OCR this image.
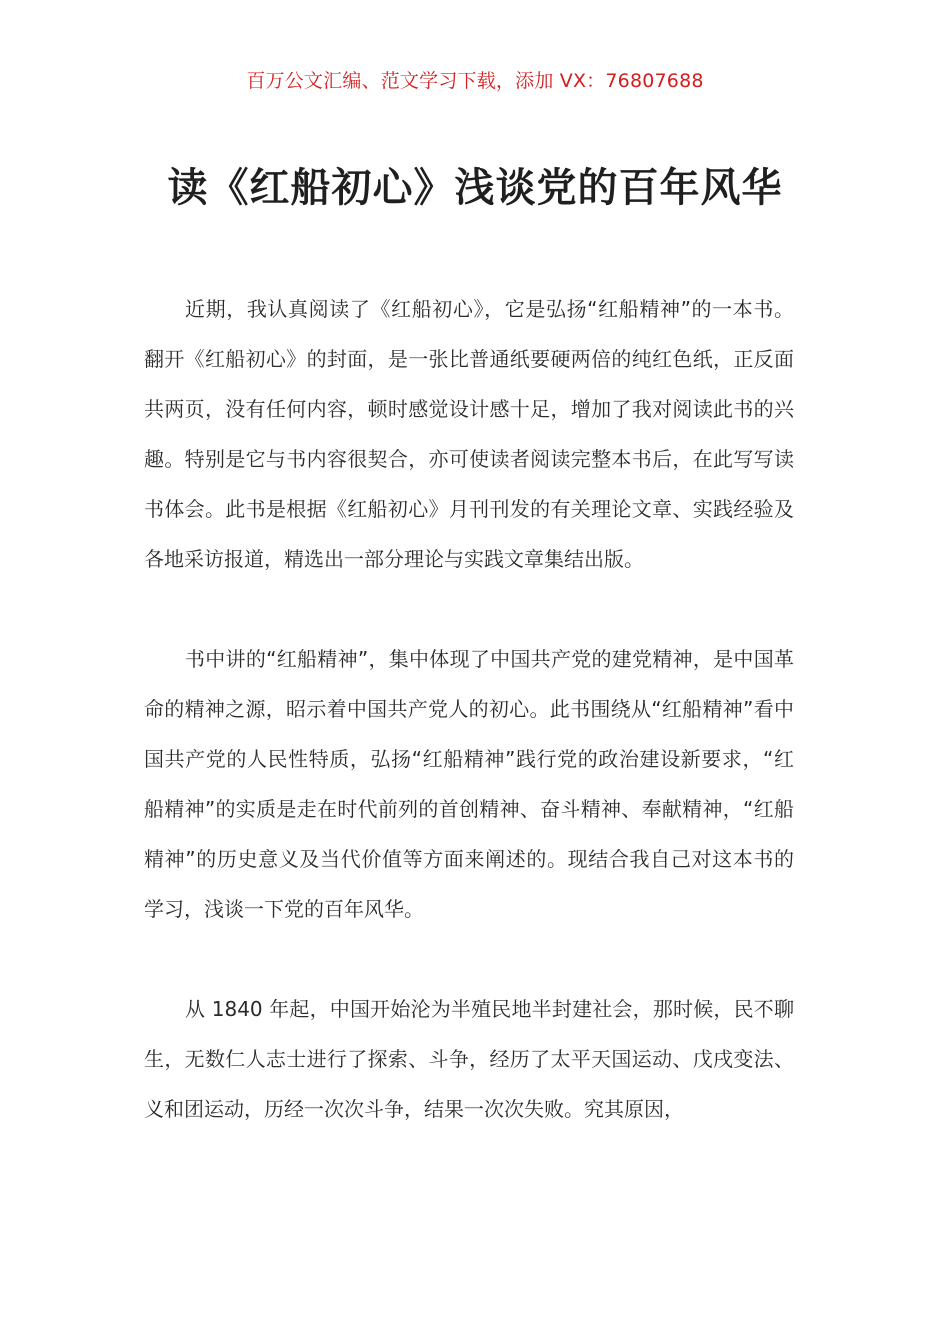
百万公文汇编、范文学习下载，添加 VX：76807688
读《红船初心》浅谈党的百年风华

近期，我认真阅读了《红船初心》，它是弘扬“红船精神”的一本书。翻开《红船初心》的封面，是一张比普通纸要硬两倍的纯红色纸，正反面共两页，没有任何内容，顿时感觉设计感十足，增加了我对阅读此书的兴趣。特别是它与书内容很契合，亦可使读者阅读完整本书后，在此写写读书体会。此书是根据《红船初心》月刊刊发的有关理论文章、实践经验及各地采访报道，精选出一部分理论与实践文章集结出版。

书中讲的“红船精神”，集中体现了中国共产党的建党精神，是中国革命的精神之源，昭示着中国共产党人的初心。此书围绕从“红船精神”看中国共产党的人民性特质，弘扬“红船精神”践行党的政治建设新要求，“红船精神”的实质是走在时代前列的首创精神、奋斗精神、奉献精神，“红船精神”的历史意义及当代价值等方面来阐述的。现结合我自己对这本书的学习，浅谈一下党的百年风华。

从 1840 年起，中国开始沦为半殖民地半封建社会，那时候，民不聊生，无数仁人志士进行了探索、斗争，经历了太平天国运动、戊戌变法、义和团运动，历经一次次斗争，结果一次次失败。究其原因，
